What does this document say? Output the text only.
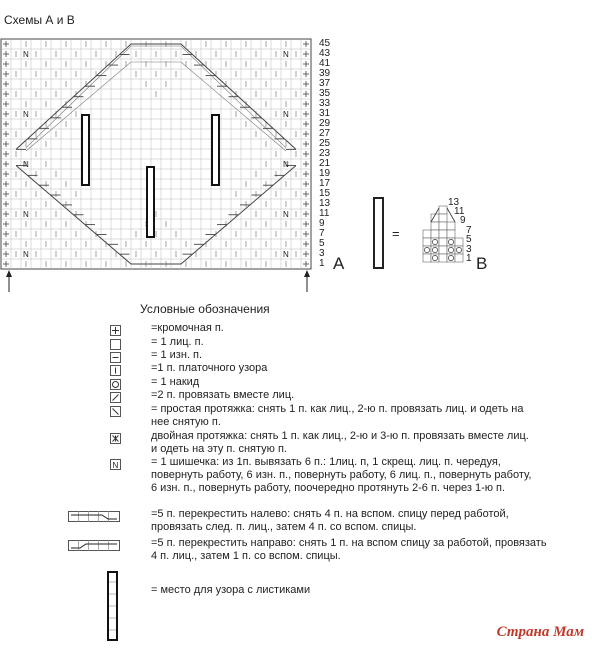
Схемы А и В
N
N
N
N
N
N
N
N
N
N
45
43
41
39
37
35
33
31
29
27
25
23
21
19
17
15
13
11
9
7
5
3
1 A
=
13
11
9
7
5
3
1 B
Условные обозначения
=кромочная п.
= 1 лиц. п.
= 1 изн. п.
=1 п. платочного узора
= 1 накид
=2 п. провязать вместе лиц.
= простая протяжка: снять 1 п. как лиц., 2-ю п. провязать лиц. и одеть на
нее снятую п.
двойная протяжка: снять 1 п. как лиц., 2-ю и 3-ю п. провязать вместе лиц.
и одеть на эту п. снятую п.
N	= 1 шишечка: из 1п. вывязать 6 п.: 1лиц. п, 1 скрещ. лиц. п. чередуя,
повернуть работу, 6 изн. п., повернуть работу, 6 лиц. п., повернуть работу,
6 изн. п., повернуть работу, поочередно протянуть 2-6 п. через 1-ю п.
=5 п. перекрестить налево: снять 4 п. на вспом. спицу перед работой,
провязать след. п. лиц., затем 4 п. со вспом. спицы.
=5 п. перекрестить направо: снять 1 п. на вспом спицу за работой, провязать
4 п. лиц., затем 1 п. со вспом. спицы.
= место для узора с листиками
Страна Мам
